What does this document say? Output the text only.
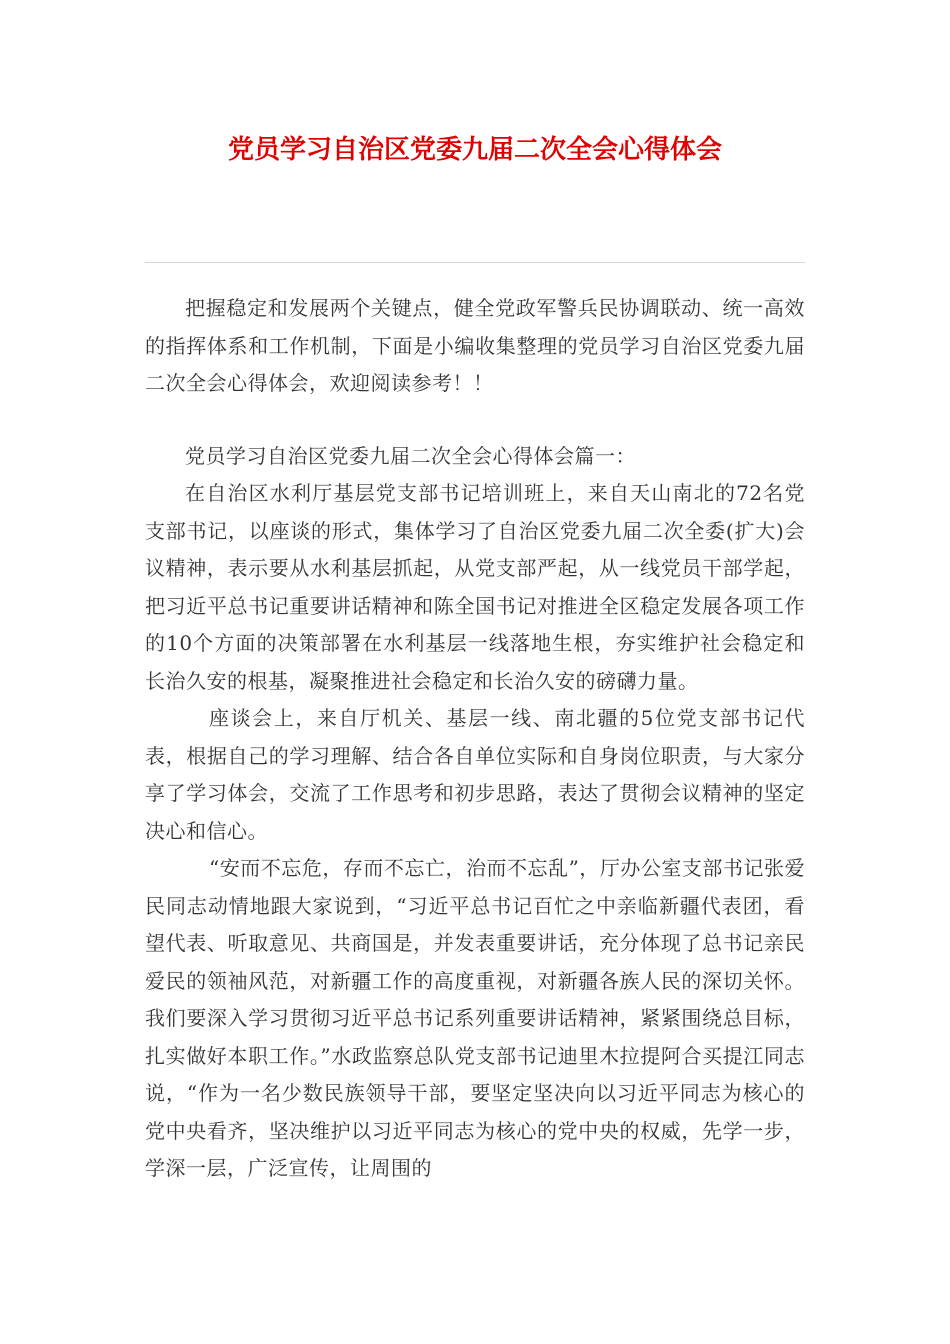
党员学习自治区党委九届二次全会心得体会

把握稳定和发展两个关键点，健全党政军警兵民协调联动、统一高效的指挥体系和工作机制，下面是小编收集整理的党员学习自治区党委九届二次全会心得体会，欢迎阅读参考！！

党员学习自治区党委九届二次全会心得体会篇一：

在自治区水利厅基层党支部书记培训班上，来自天山南北的72名党支部书记，以座谈的形式，集体学习了自治区党委九届二次全委(扩大)会议精神，表示要从水利基层抓起，从党支部严起，从一线党员干部学起，把习近平总书记重要讲话精神和陈全国书记对推进全区稳定发展各项工作的10个方面的决策部署在水利基层一线落地生根，夯实维护社会稳定和长治久安的根基，凝聚推进社会稳定和长治久安的磅礴力量。

座谈会上，来自厅机关、基层一线、南北疆的5位党支部书记代表，根据自己的学习理解、结合各自单位实际和自身岗位职责，与大家分享了学习体会，交流了工作思考和初步思路，表达了贯彻会议精神的坚定决心和信心。

“安而不忘危，存而不忘亡，治而不忘乱”，厅办公室支部书记张爱民同志动情地跟大家说到，“习近平总书记百忙之中亲临新疆代表团，看望代表、听取意见、共商国是，并发表重要讲话，充分体现了总书记亲民爱民的领袖风范，对新疆工作的高度重视，对新疆各族人民的深切关怀。我们要深入学习贯彻习近平总书记系列重要讲话精神，紧紧围绕总目标，扎实做好本职工作。”水政监察总队党支部书记迪里木拉提阿合买提江同志说，“作为一名少数民族领导干部，要坚定坚决向以习近平同志为核心的党中央看齐，坚决维护以习近平同志为核心的党中央的权威，先学一步，学深一层，广泛宣传，让周围的
